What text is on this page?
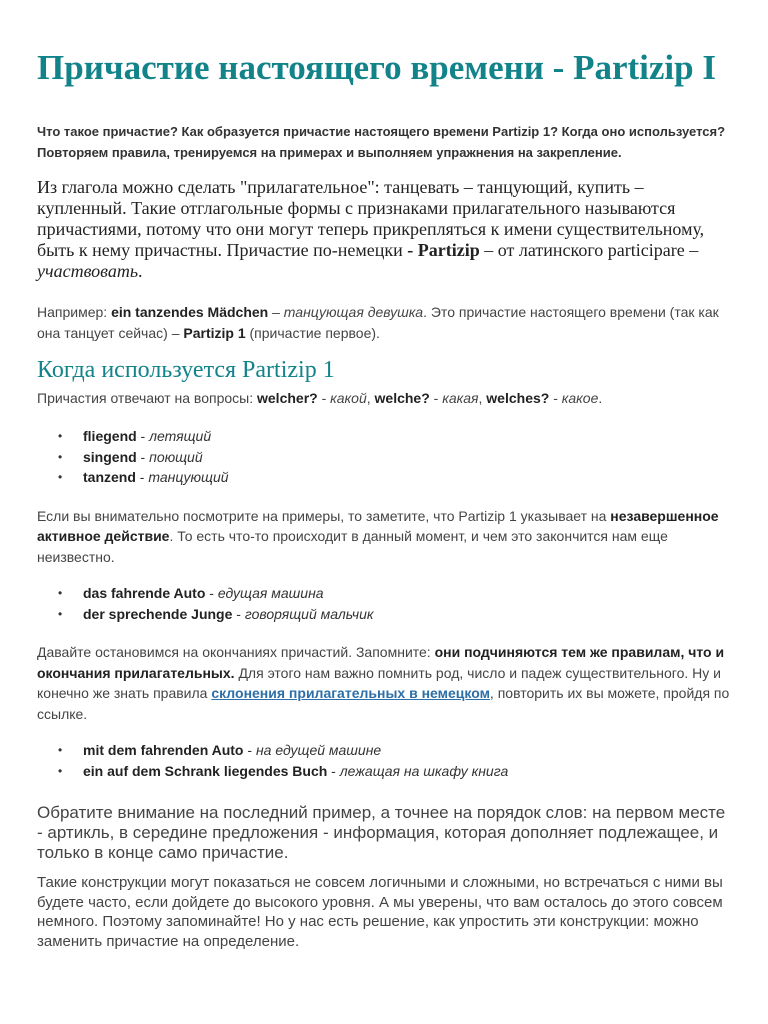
Причастие настоящего времени - Partizip I

Что такое причастие? Как образуется причастие настоящего времени Partizip 1? Когда оно используется? Повторяем правила, тренируемся на примерах и выполняем упражнения на закрепление.

Из глагола можно сделать "прилагательное": танцевать – танцующий, купить – купленный. Такие отглагольные формы с признаками прилагательного называются причастиями, потому что они могут теперь прикрепляться к имени существительному, быть к нему причастны. Причастие по-немецки - Partizip – от латинского participare – участвовать.

Например: ein tanzendes Mädchen – танцующая девушка. Это причастие настоящего времени (так как она танцует сейчас) – Partizip 1 (причастие первое).

Когда используется Partizip 1

Причастия отвечают на вопросы: welcher? - какой, welche? - какая, welches? - какое.

• fliegend - летящий
• singend - поющий
• tanzend - танцующий

Если вы внимательно посмотрите на примеры, то заметите, что Partizip 1 указывает на незавершенное активное действие. То есть что-то происходит в данный момент, и чем это закончится нам еще неизвестно.

• das fahrende Auto - едущая машина
• der sprechende Junge - говорящий мальчик

Давайте остановимся на окончаниях причастий. Запомните: они подчиняются тем же правилам, что и окончания прилагательных. Для этого нам важно помнить род, число и падеж существительного. Ну и конечно же знать правила склонения прилагательных в немецком, повторить их вы можете, пройдя по ссылке.

• mit dem fahrenden Auto - на едущей машине
• ein auf dem Schrank liegendes Buch - лежащая на шкафу книга

Обратите внимание на последний пример, а точнее на порядок слов: на первом месте - артикль, в середине предложения - информация, которая дополняет подлежащее, и только в конце само причастие.

Такие конструкции могут показаться не совсем логичными и сложными, но встречаться с ними вы будете часто, если дойдете до высокого уровня. А мы уверены, что вам осталось до этого совсем немного. Поэтому запоминайте! Но у нас есть решение, как упростить эти конструкции: можно заменить причастие на определение.
